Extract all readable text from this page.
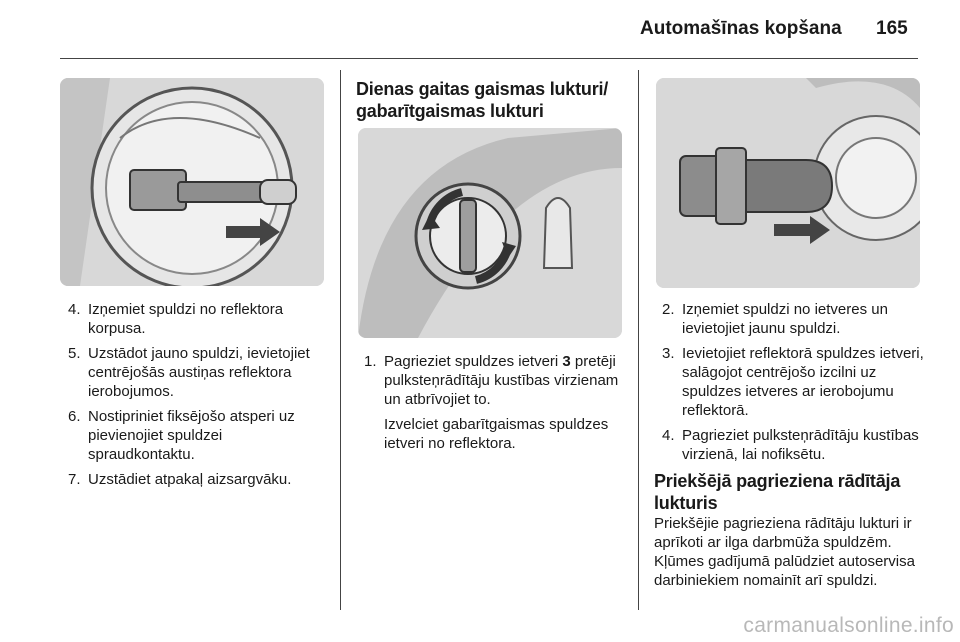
Automašīnas kopšana 165
4. Izņemiet spuldzi no reflektora korpusa.
5. Uzstādot jauno spuldzi, ievietojiet centrējošās austiņas reflektora ierobojumos.
6. Nostipriniet fiksējošo atsperi uz pievienojiet spuldzei spraudkontaktu.
7. Uzstādiet atpakaļ aizsargvāku.
Dienas gaitas gaismas lukturi/ gabarītgaismas lukturi
1. Pagrieziet spuldzes ietveri 3 pretēji pulksteņrādītāju kustības virzienam un atbrīvojiet to.
Izvelciet gabarītgaismas spuldzes ietveri no reflektora.
2. Izņemiet spuldzi no ietveres un ievietojiet jaunu spuldzi.
3. Ievietojiet reflektorā spuldzes ietveri, salāgojot centrējošo izcilni uz spuldzes ietveres ar ierobojumu reflektorā.
4. Pagrieziet pulksteņrādītāju kustības virzienā, lai nofiksētu.
Priekšējā pagrieziena rādītāja lukturis
Priekšējie pagrieziena rādītāju lukturi ir aprīkoti ar ilga darbmūža spuldzēm. Kļūmes gadījumā palūdziet autoservisa darbiniekiem nomainīt arī spuldzi.
carmanualsonline.info
